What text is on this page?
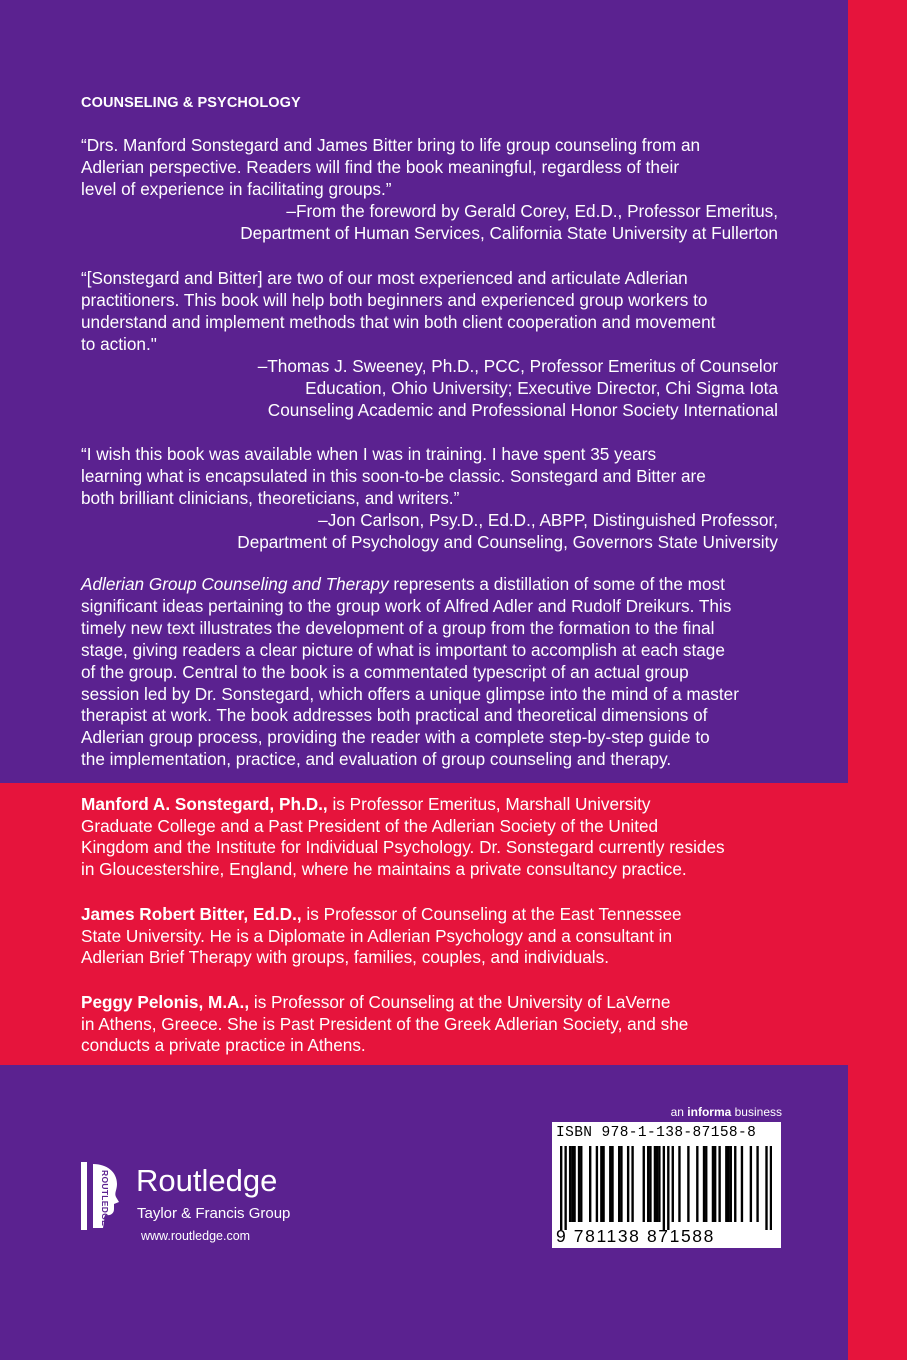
COUNSELING & PSYCHOLOGY

“Drs. Manford Sonstegard and James Bitter bring to life group counseling from an

Adlerian perspective. Readers will find the book meaningful, regardless of their

level of experience in facilitating groups.”

–From the foreword by Gerald Corey, Ed.D., Professor Emeritus,

Department of Human Services, California State University at Fullerton

“[Sonstegard and Bitter] are two of our most experienced and articulate Adlerian

practitioners. This book will help both beginners and experienced group workers to

understand and implement methods that win both client cooperation and movement

to action."

–Thomas J. Sweeney, Ph.D., PCC, Professor Emeritus of Counselor

Education, Ohio University; Executive Director, Chi Sigma Iota

Counseling Academic and Professional Honor Society International

“I wish this book was available when I was in training. I have spent 35 years

learning what is encapsulated in this soon-to-be classic. Sonstegard and Bitter are

both brilliant clinicians, theoreticians, and writers.”

–Jon Carlson, Psy.D., Ed.D., ABPP, Distinguished Professor,

Department of Psychology and Counseling, Governors State University

Adlerian Group Counseling and Therapy represents a distillation of some of the most
significant ideas pertaining to the group work of Alfred Adler and Rudolf Dreikurs. This
timely new text illustrates the development of a group from the formation to the final
stage, giving readers a clear picture of what is important to accomplish at each stage
of the group. Central to the book is a commentated typescript of an actual group
session led by Dr. Sonstegard, which offers a unique glimpse into the mind of a master
therapist at work. The book addresses both practical and theoretical dimensions of
Adlerian group process, providing the reader with a complete step-by-step guide to
the implementation, practice, and evaluation of group counseling and therapy.
Manford A. Sonstegard, Ph.D., is Professor Emeritus, Marshall University
Graduate College and a Past President of the Adlerian Society of the United
Kingdom and the Institute for Individual Psychology. Dr. Sonstegard currently resides
in Gloucestershire, England, where he maintains a private consultancy practice.
James Robert Bitter, Ed.D., is Professor of Counseling at the East Tennessee
State University. He is a Diplomate in Adlerian Psychology and a consultant in
Adlerian Brief Therapy with groups, families, couples, and individuals.
Peggy Pelonis, M.A., is Professor of Counseling at the University of LaVerne
in Athens, Greece. She is Past President of the Greek Adlerian Society, and she
conducts a private practice in Athens.
an informa business
ISBN 978-1-138-87158-8
9 781138 871588
ROUTLEDGE Routledge
Taylor & Francis Group
www.routledge.com
